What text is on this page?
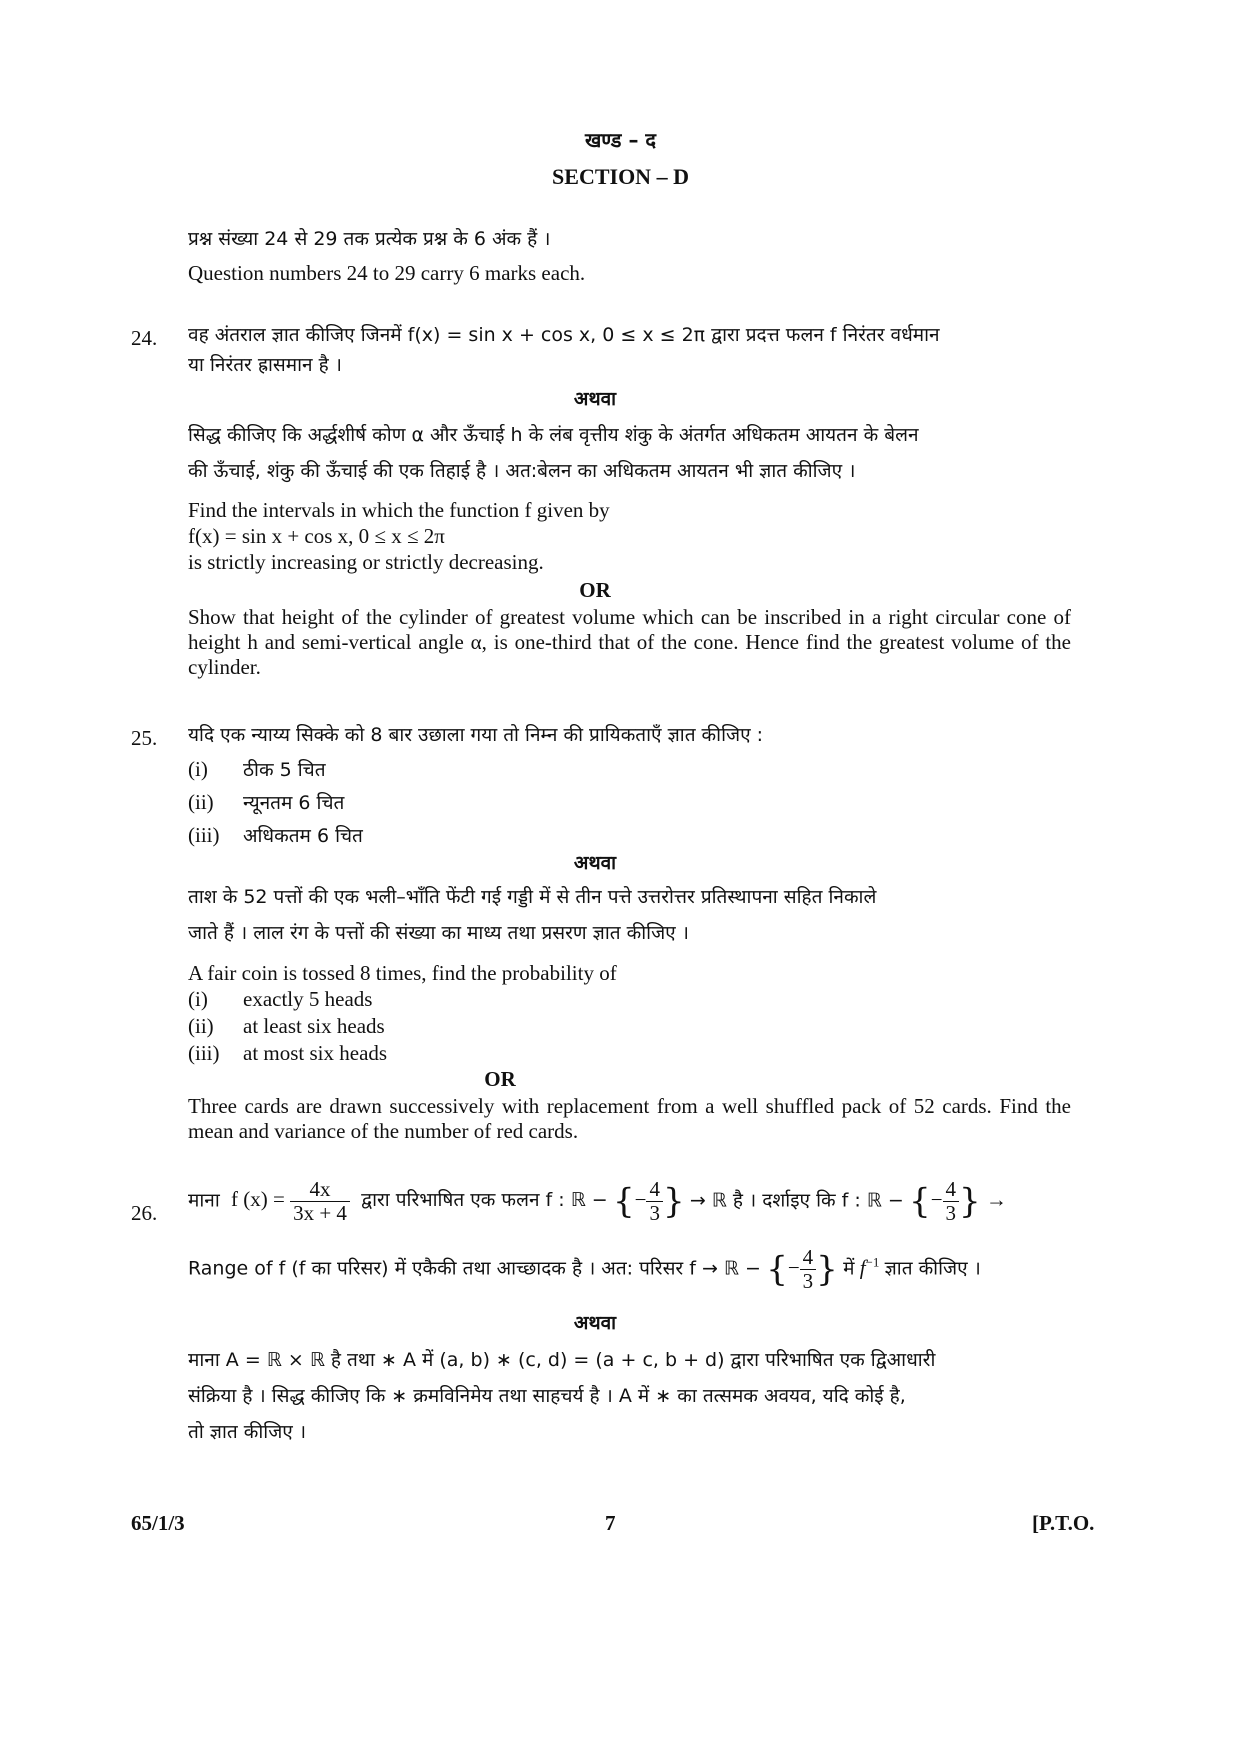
खण्ड – द
SECTION – D
प्रश्न संख्या 24 से 29 तक प्रत्येक प्रश्न के 6 अंक हैं ।
Question numbers 24 to 29 carry 6 marks each.
24.	वह अंतराल ज्ञात कीजिए जिनमें f(x) = sin x + cos x, 0 ≤ x ≤ 2π द्वारा प्रदत्त फलन f निरंतर वर्धमान
या निरंतर ह्रासमान है ।
अथवा
सिद्ध कीजिए कि अर्द्धशीर्ष कोण α और ऊँचाई h के लंब वृत्तीय शंकु के अंतर्गत अधिकतम आयतन के बेलन
की ऊँचाई, शंकु की ऊँचाई की एक तिहाई है । अत:बेलन का अधिकतम आयतन भी ज्ञात कीजिए ।
Find the intervals in which the function f given by
f(x) = sin x + cos x, 0 ≤ x ≤ 2π
is strictly increasing or strictly decreasing.
OR
Show that height of the cylinder of greatest volume which can be inscribed in a right circular cone of height h and semi-vertical angle α, is one-third that of the cone. Hence find the greatest volume of the cylinder.
25.	यदि एक न्याय्य सिक्के को 8 बार उछाला गया तो निम्न की प्रायिकताएँ ज्ञात कीजिए :
(i) ठीक 5 चित
(ii) न्यूनतम 6 चित
(iii) अधिकतम 6 चित
अथवा
ताश के 52 पत्तों की एक भली–भाँति फेंटी गई गड्डी में से तीन पत्ते उत्तरोत्तर प्रतिस्थापना सहित निकाले
जाते हैं । लाल रंग के पत्तों की संख्या का माध्य तथा प्रसरण ज्ञात कीजिए ।
A fair coin is tossed 8 times, find the probability of
(i) exactly 5 heads
(ii) at least six heads
(iii) at most six heads
OR
Three cards are drawn successively with replacement from a well shuffled pack of 52 cards. Find the mean and variance of the number of red cards.
26.
माना f $(x) = \frac{4x}{3x + 4}$ द्वारा परिभाषित एक फलन f : ℝ − {− $\frac{4}{3}$ } → ℝ है । दर्शाइए कि f : ℝ − {− $\frac{4}{3}$ } →
Range of f (f का परिसर) में एकैकी तथा आच्छादक है । अत: परिसर f → ℝ − {− $\frac{4}{3}$ } में $f^{-1}$ ज्ञात कीजिए ।
अथवा
माना A = ℝ × ℝ है तथा ∗ A में (a, b) ∗ (c, d) = (a + c, b + d) द्वारा परिभाषित एक द्विआधारी
संक्रिया है । सिद्ध कीजिए कि ∗ क्रमविनिमेय तथा साहचर्य है । A में ∗ का तत्समक अवयव, यदि कोई है,
तो ज्ञात कीजिए ।
65/1/3	7	[P.T.O.
